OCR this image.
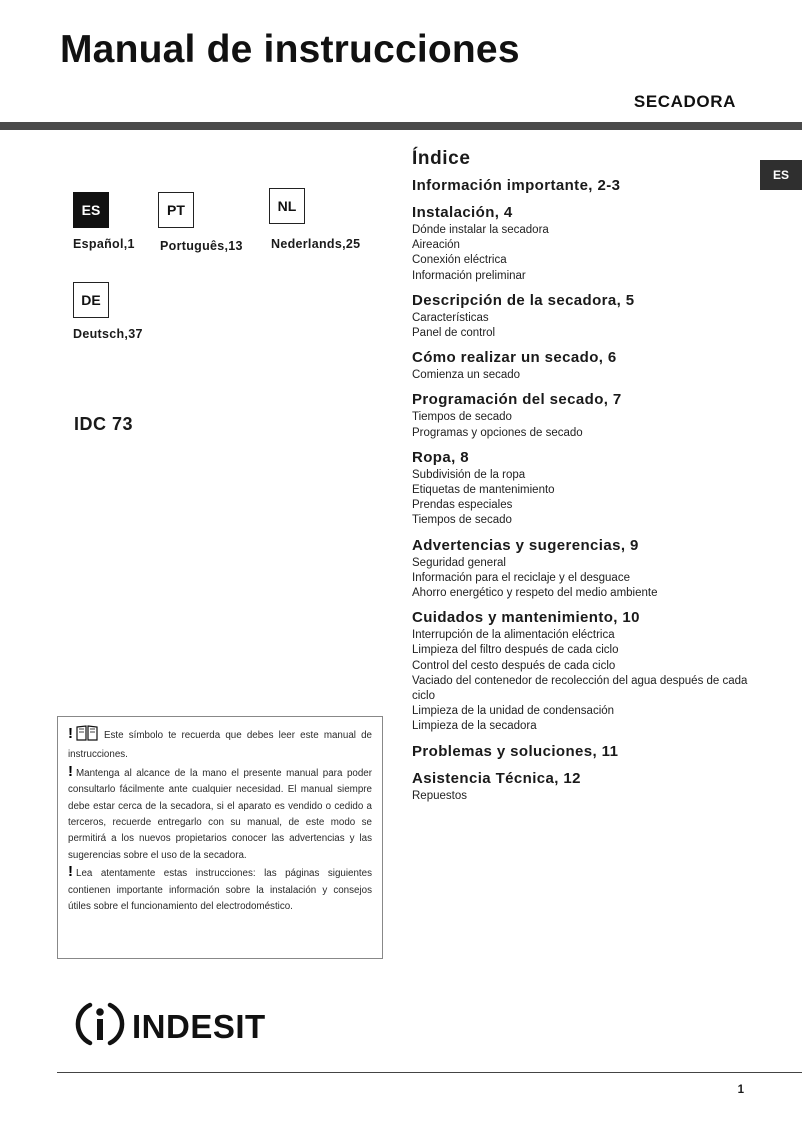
Manual de instrucciones
SECADORA
ES
ES
Español,1
PT
Português,13
NL
Nederlands,25
DE
Deutsch,37
IDC 73
Índice
Información importante, 2-3
Instalación, 4
Dónde instalar la secadora
Aireación
Conexión eléctrica
Información preliminar
Descripción de la secadora, 5
Características
Panel de control
Cómo realizar un secado, 6
Comienza un secado
Programación del secado, 7
Tiempos de secado
Programas y opciones de secado
Ropa, 8
Subdivisión de la ropa
Etiquetas de mantenimiento
Prendas especiales
Tiempos de secado
Advertencias y sugerencias, 9
Seguridad general
Información para el reciclaje y el desguace
Ahorro energético y respeto del medio ambiente
Cuidados y mantenimiento, 10
Interrupción de la alimentación eléctrica
Limpieza del filtro después de cada ciclo
Control del cesto después de cada ciclo
Vaciado del contenedor de recolección del agua después de cada ciclo
Limpieza de la unidad de condensación
Limpieza de la secadora
Problemas y soluciones, 11
Asistencia Técnica, 12
Repuestos

!	Este símbolo te recuerda que debes leer este manual de instrucciones.

! Mantenga al alcance de la mano el presente manual para poder consultarlo fácilmente ante cualquier necesidad. El manual siempre debe estar cerca de la secadora, si el aparato es vendido o cedido a terceros, recuerde entregarlo con su manual, de este modo se permitirá a los nuevos propietarios conocer las advertencias y las sugerencias sobre el uso de la secadora.

! Lea atentamente estas instrucciones: las páginas siguientes contienen importante información sobre la instalación y consejos útiles sobre el funcionamiento del electrodoméstico.

INDESIT
1
